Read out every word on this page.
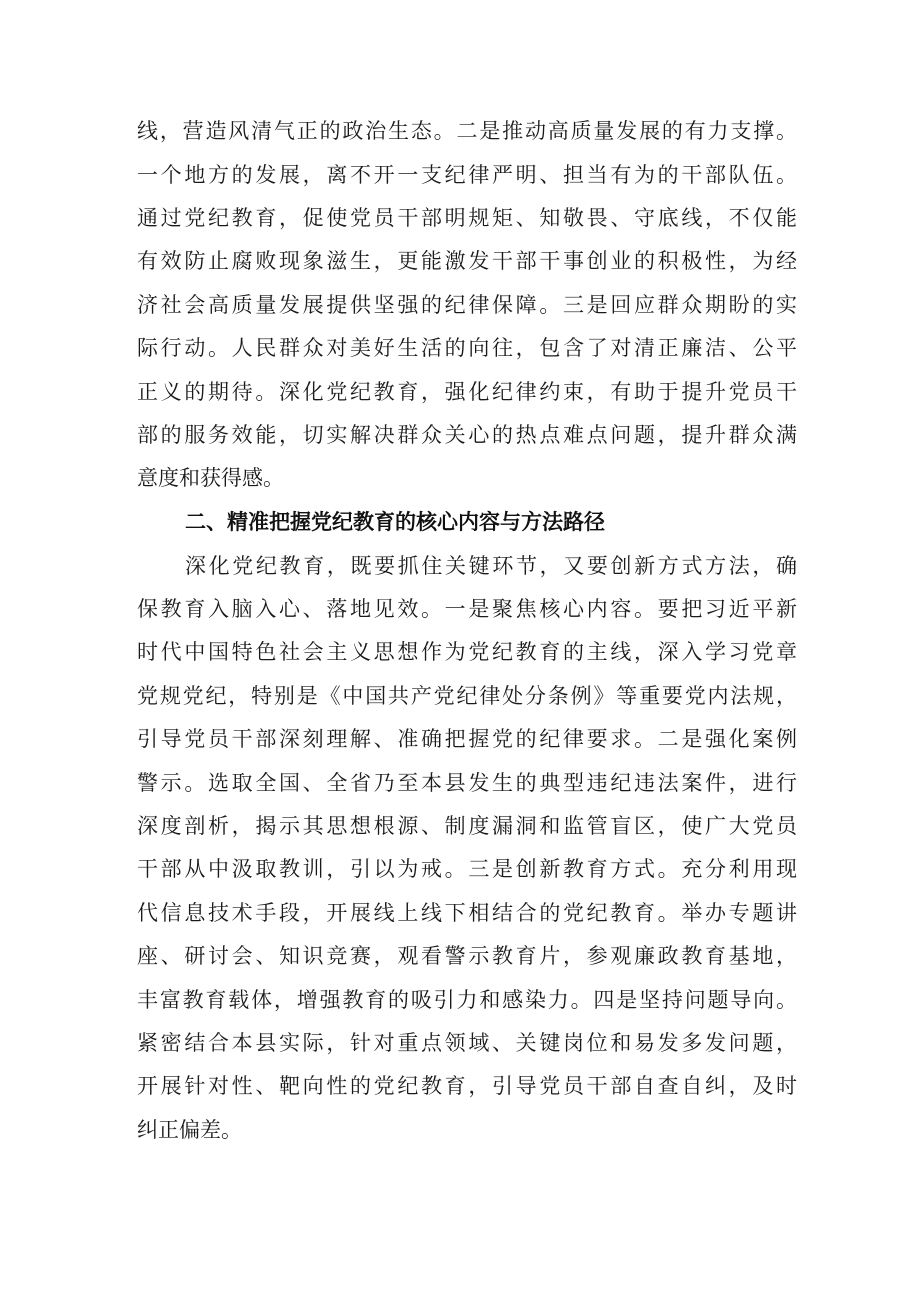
线，营造风清气正的政治生态。二是推动高质量发展的有力支撑。
一个地方的发展，离不开一支纪律严明、担当有为的干部队伍。
通过党纪教育，促使党员干部明规矩、知敬畏、守底线，不仅能
有效防止腐败现象滋生，更能激发干部干事创业的积极性，为经
济社会高质量发展提供坚强的纪律保障。三是回应群众期盼的实
际行动。人民群众对美好生活的向往，包含了对清正廉洁、公平
正义的期待。深化党纪教育，强化纪律约束，有助于提升党员干
部的服务效能，切实解决群众关心的热点难点问题，提升群众满
意度和获得感。
二、精准把握党纪教育的核心内容与方法路径
深化党纪教育，既要抓住关键环节，又要创新方式方法，确
保教育入脑入心、落地见效。一是聚焦核心内容。要把习近平新
时代中国特色社会主义思想作为党纪教育的主线，深入学习党章
党规党纪，特别是《中国共产党纪律处分条例》等重要党内法规，
引导党员干部深刻理解、准确把握党的纪律要求。二是强化案例
警示。选取全国、全省乃至本县发生的典型违纪违法案件，进行
深度剖析，揭示其思想根源、制度漏洞和监管盲区，使广大党员
干部从中汲取教训，引以为戒。三是创新教育方式。充分利用现
代信息技术手段，开展线上线下相结合的党纪教育。举办专题讲
座、研讨会、知识竞赛，观看警示教育片，参观廉政教育基地，
丰富教育载体，增强教育的吸引力和感染力。四是坚持问题导向。
紧密结合本县实际，针对重点领域、关键岗位和易发多发问题，
开展针对性、靶向性的党纪教育，引导党员干部自查自纠，及时
纠正偏差。
